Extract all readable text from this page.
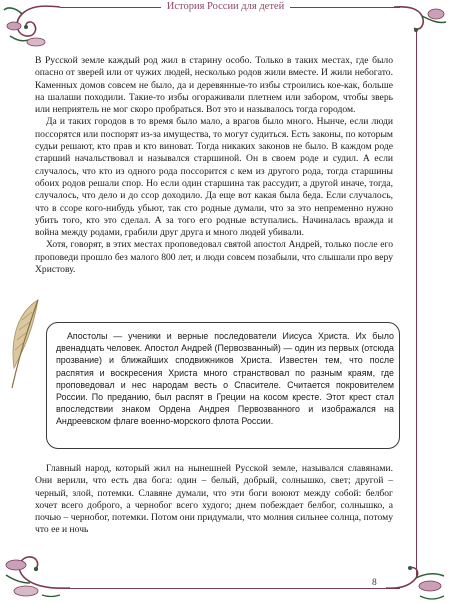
История России для детей

В Русской земле каждый род жил в старину особо. Только в таких местах, где было опасно от зверей или от чужих людей, несколько родов жили вместе. И жили небогато. Каменных домов совсем не было, да и деревянные-то избы строились кое-как, больше на шалаши походили. Такие-то избы огораживали плетнем или забором, чтобы зверь или неприятель не мог скоро пробраться. Вот это и называлось тогда городом.

Да и таких городов в то время было мало, а врагов было много. Нынче, если люди поссорятся или поспорят из-за имущества, то могут судиться. Есть законы, по которым судьи решают, кто прав и кто виноват. Тогда никаких законов не было. В каждом роде старший начальствовал и назывался старшиной. Он в своем роде и судил. А если случалось, что кто из одного рода поссорится с кем из другого рода, тогда старшины обоих родов решали спор. Но если один старшина так рассудит, а другой иначе, тогда, случалось, что дело и до ссор доходило. Да еще вот какая была беда. Если случалось, что в ссоре кого-нибудь убьют, так сто родные думали, что за это непременно нужно убить того, кто это сделал. А за того его родные вступались. Начиналась вражда и война между родами, грабили друг друга и много людей убивали.

Хотя, говорят, в этих местах проповедовал святой апостол Андрей, только после его проповеди прошло без малого 800 лет, и люди совсем позабыли, что слышали про веру Христову.

Апостолы — ученики и верные последователи Иисуса Христа. Их было двенадцать человек. Апостол Андрей (Первозванный) — один из первых (отсюда прозвание) и ближайших сподвижников Христа. Известен тем, что после распятия и воскресения Христа много странствовал по разным краям, где проповедовал и нес народам весть о Спасителе. Считается покровителем России. По преданию, был распят в Греции на косом кресте. Этот крест стал впоследствии знаком Ордена Андрея Первозванного и изображался на Андреевском флаге военно-морского флота России.

Главный народ, который жил на нынешней Русской земле, назывался славянами. Они верили, что есть два бога: один – белый, добрый, солнышко, свет; другой – черный, злой, потемки. Славяне думали, что эти боги воюют между собой: белбог хочет всего доброго, а чернобог всего худого; днем побеждает белбог, солнышко, а почью – чернобог, потемки. Потом они придумали, что молния сильнее солнца, потому что ее и ночь

8
